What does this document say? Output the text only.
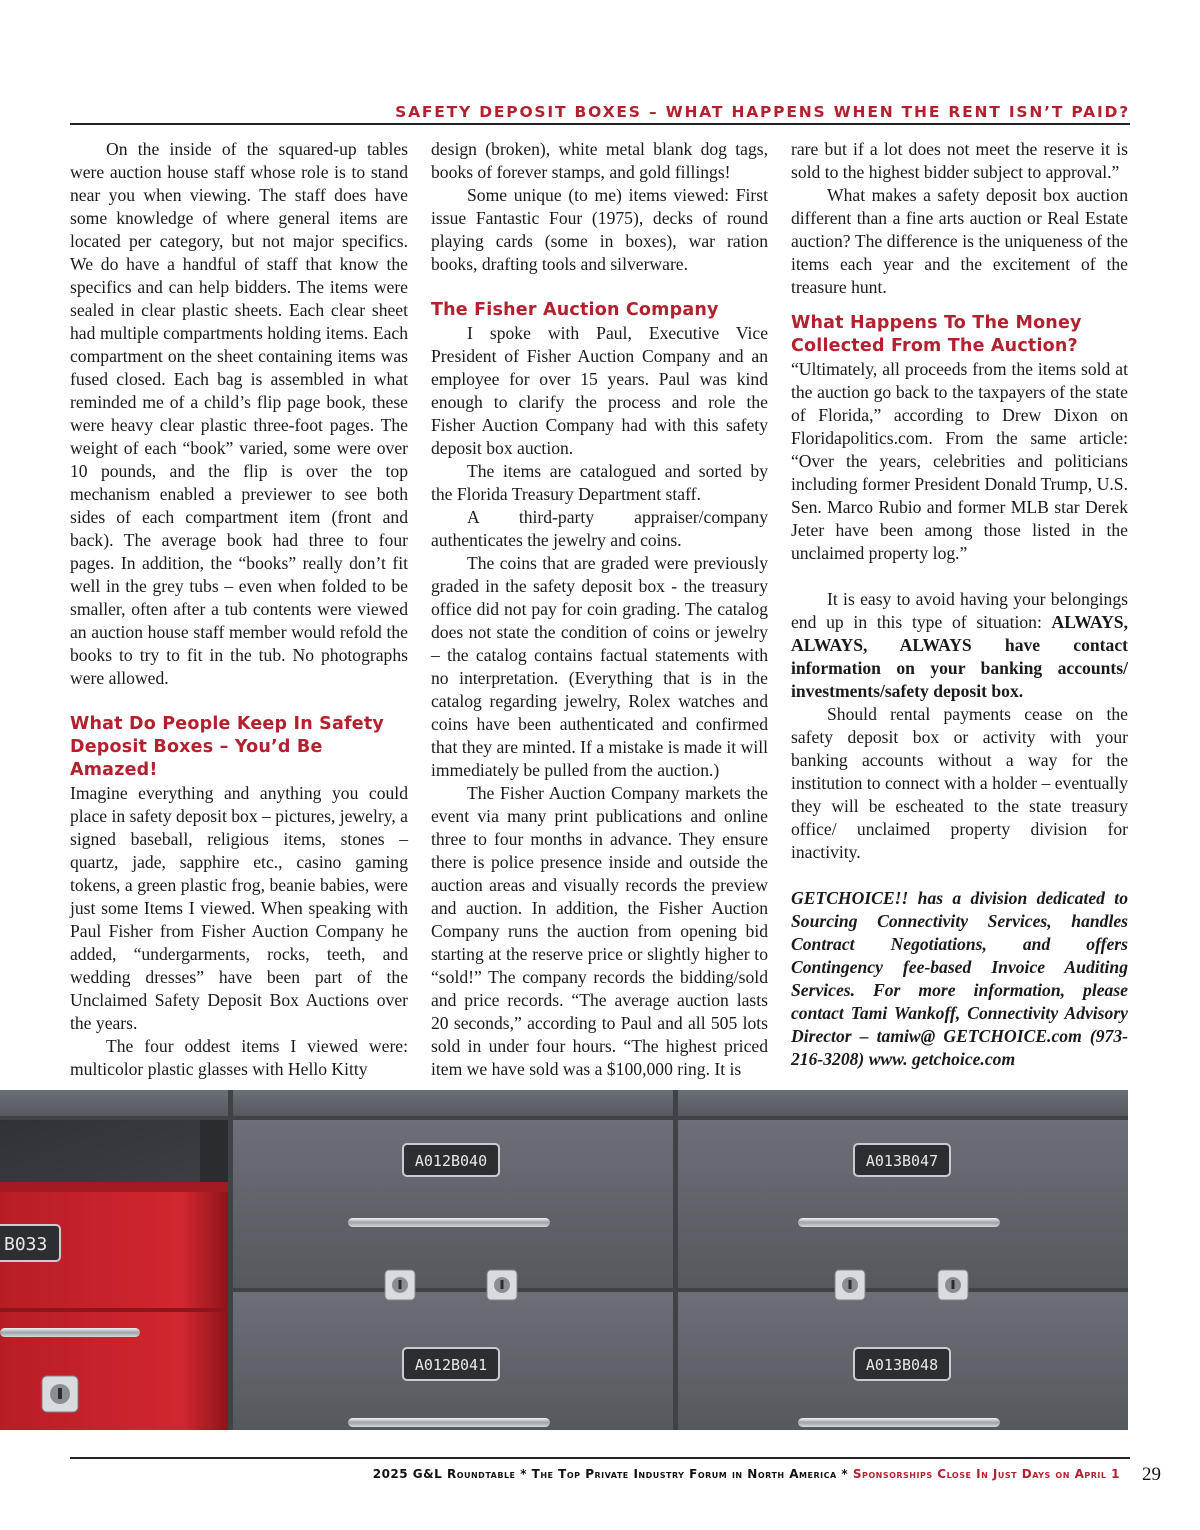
SAFETY DEPOSIT BOXES – WHAT HAPPENS WHEN THE RENT ISN’T PAID?

On the inside of the squared-up tables were auction house staff whose role is to stand near you when viewing. The staff does have some knowledge of where general items are located per category, but not major specifics. We do have a handful of staff that know the specifics and can help bidders. The items were sealed in clear plastic sheets. Each clear sheet had multiple compartments holding items. Each compartment on the sheet containing items was fused closed. Each bag is assembled in what reminded me of a child’s flip page book, these were heavy clear plastic three-foot pages. The weight of each “book” varied, some were over 10 pounds, and the flip is over the top mechanism enabled a previewer to see both sides of each compartment item (front and back). The average book had three to four pages. In addition, the “books” really don’t fit well in the grey tubs – even when folded to be smaller, often after a tub contents were viewed an auction house staff member would refold the books to try to fit in the tub. No photographs were allowed.

What Do People Keep In Safety Deposit Boxes – You’d Be Amazed!

Imagine everything and anything you could place in safety deposit box – pictures, jewelry, a signed baseball, religious items, stones – quartz, jade, sapphire etc., casino gaming tokens, a green plastic frog, beanie babies, were just some Items I viewed. When speaking with Paul Fisher from Fisher Auction Company he added, “undergarments, rocks, teeth, and wedding dresses” have been part of the Unclaimed Safety Deposit Box Auctions over the years.

The four oddest items I viewed were: multicolor plastic glasses with Hello Kitty

design (broken), white metal blank dog tags, books of forever stamps, and gold fillings!

Some unique (to me) items viewed: First issue Fantastic Four (1975), decks of round playing cards (some in boxes), war ration books, drafting tools and silverware.

The Fisher Auction Company

I spoke with Paul, Executive Vice President of Fisher Auction Company and an employee for over 15 years. Paul was kind enough to clarify the process and role the Fisher Auction Company had with this safety deposit box auction.

The items are catalogued and sorted by the Florida Treasury Department staff.

A third-party appraiser/company authenticates the jewelry and coins.

The coins that are graded were previously graded in the safety deposit box - the treasury office did not pay for coin grading. The catalog does not state the condition of coins or jewelry – the catalog contains factual statements with no interpretation. (Everything that is in the catalog regarding jewelry, Rolex watches and coins have been authenticated and confirmed that they are minted. If a mistake is made it will immediately be pulled from the auction.)

The Fisher Auction Company markets the event via many print publications and online three to four months in advance. They ensure there is police presence inside and outside the auction areas and visually records the preview and auction. In addition, the Fisher Auction Company runs the auction from opening bid starting at the reserve price or slightly higher to “sold!” The company records the bidding/sold and price records. “The average auction lasts 20 seconds,” according to Paul and all 505 lots sold in under four hours. “The highest priced item we have sold was a $100,000 ring. It is

rare but if a lot does not meet the reserve it is sold to the highest bidder subject to approval.”

What makes a safety deposit box auction different than a fine arts auction or Real Estate auction? The difference is the uniqueness of the items each year and the excitement of the treasure hunt.

What Happens To The Money Collected From The Auction?

“Ultimately, all proceeds from the items sold at the auction go back to the taxpayers of the state of Florida,” according to Drew Dixon on Floridapolitics.com. From the same article: “Over the years, celebrities and politicians including former President Donald Trump, U.S. Sen. Marco Rubio and former MLB star Derek Jeter have been among those listed in the unclaimed property log.”

It is easy to avoid having your belongings end up in this type of situation: ALWAYS, ALWAYS, ALWAYS have contact information on your banking accounts/ investments/safety deposit box.

Should rental payments cease on the safety deposit box or activity with your banking accounts without a way for the institution to connect with a holder – eventually they will be escheated to the state treasury office/ unclaimed property division for inactivity.

GETCHOICE!! has a division dedicated to Sourcing Connectivity Services, handles Contract Negotiations, and offers Contingency fee-based Invoice Auditing Services. For more information, please contact Tami Wankoff, Connectivity Advisory Director – tamiw@ GETCHOICE.com (973-216-3208) www. getchoice.com

B033
A012B040	A013B047
A012B041	A013B048
2025 G&L Roundtable * The Top Private Industry Forum in North America * Sponsorships Close In Just Days on April 1 29
